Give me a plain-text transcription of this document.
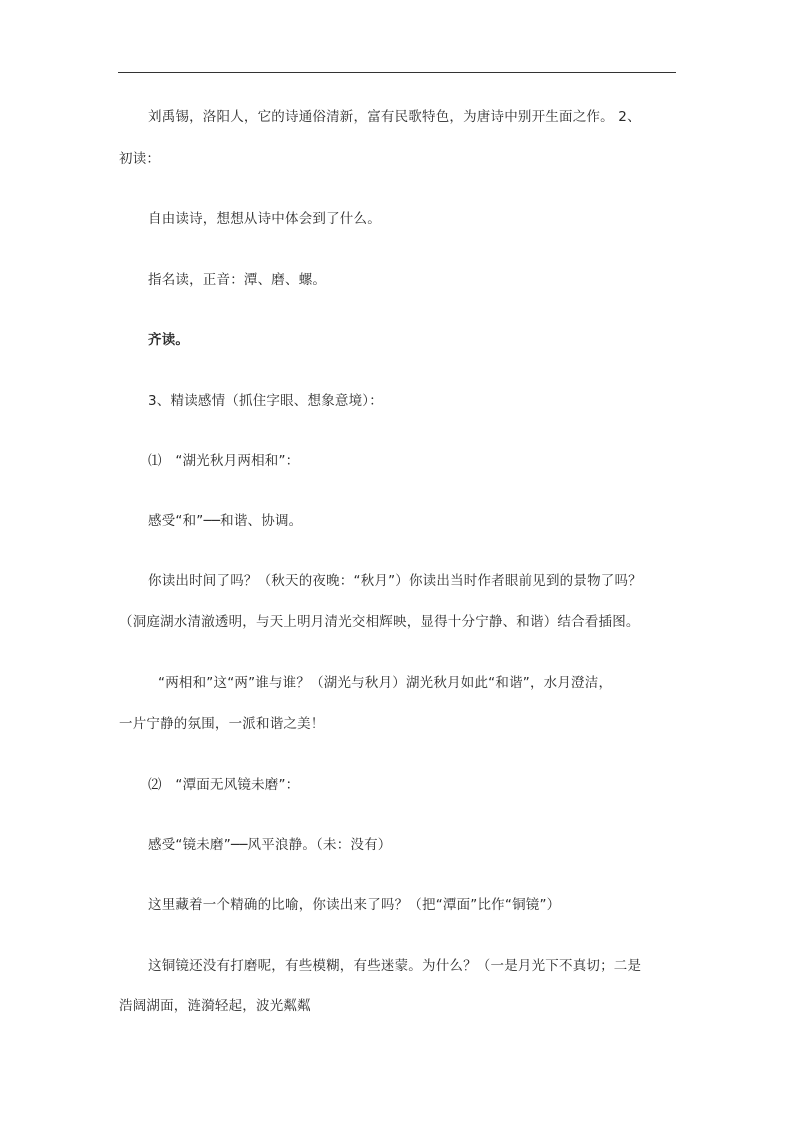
刘禹锡，洛阳人，它的诗通俗清新，富有民歌特色，为唐诗中别开生面之作。 2、
初读：
自由读诗，想想从诗中体会到了什么。
指名读，正音：潭、磨、螺。
齐读。
3、精读感情（抓住字眼、想象意境）：
⑴　“湖光秋月两相和”：
感受“和”──和谐、协调。
你读出时间了吗？（秋天的夜晚：“秋月”）你读出当时作者眼前见到的景物了吗？
（洞庭湖水清澈透明，与天上明月清光交相辉映，显得十分宁静、和谐）结合看插图。
“两相和”这“两”谁与谁？（湖光与秋月）湖光秋月如此“和谐”，水月澄洁，
一片宁静的氛围，一派和谐之美！
⑵　“潭面无风镜未磨”：
感受“镜未磨”──风平浪静。（未：没有）
这里藏着一个精确的比喻，你读出来了吗？（把“潭面”比作“铜镜”）
这铜镜还没有打磨呢，有些模糊，有些迷蒙。为什么？（一是月光下不真切；二是
浩阔湖面，涟漪轻起，波光粼粼
